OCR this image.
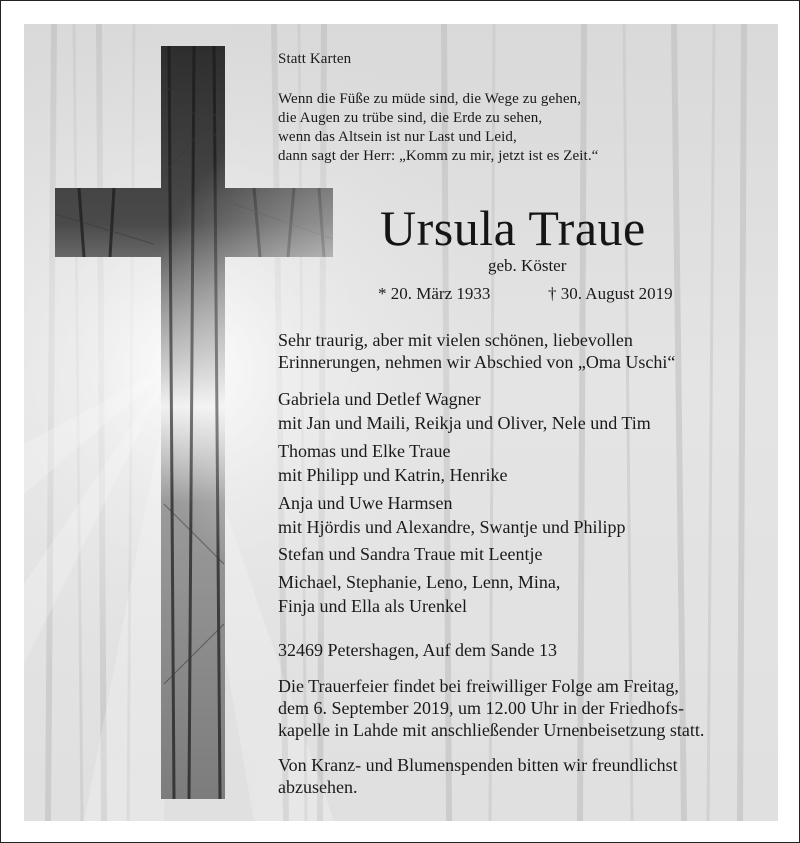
Statt Karten

Wenn die Füße zu müde sind, die Wege zu gehen,

die Augen zu trübe sind, die Erde zu sehen,

wenn das Altsein ist nur Last und Leid,

dann sagt der Herr: „Komm zu mir, jetzt ist es Zeit.“

Ursula Traue

geb. Köster

* 20. März 1933	† 30. August 2019

Sehr traurig, aber mit vielen schönen, liebevollen

Erinnerungen, nehmen wir Abschied von „Oma Uschi“

Gabriela und Detlef Wagner

mit Jan und Maili, Reikja und Oliver, Nele und Tim

Thomas und Elke Traue

mit Philipp und Katrin, Henrike

Anja und Uwe Harmsen

mit Hjördis und Alexandre, Swantje und Philipp

Stefan und Sandra Traue mit Leentje

Michael, Stephanie, Leno, Lenn, Mina,

Finja und Ella als Urenkel

32469 Petershagen, Auf dem Sande 13

Die Trauerfeier findet bei freiwilliger Folge am Freitag,

dem 6. September 2019, um 12.00 Uhr in der Friedhofs-

kapelle in Lahde mit anschließender Urnenbeisetzung statt.

Von Kranz- und Blumenspenden bitten wir freundlichst

abzusehen.
